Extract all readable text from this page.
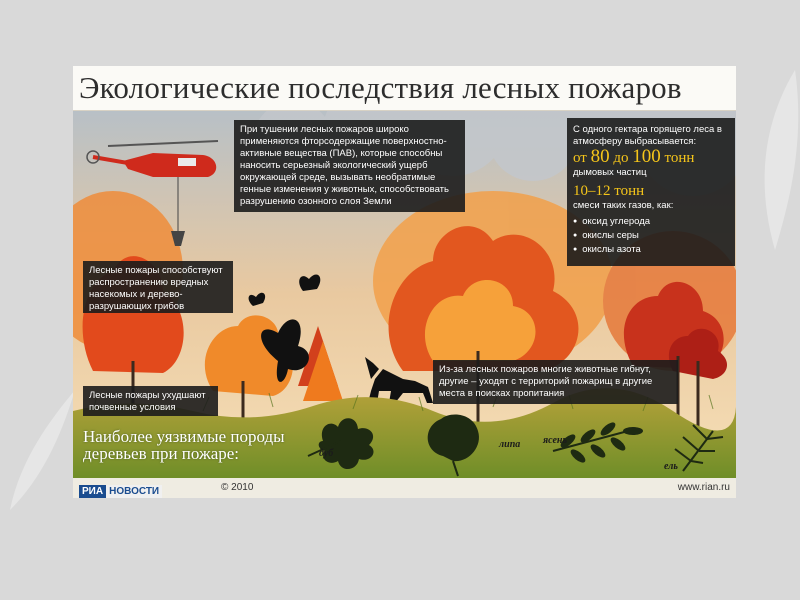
Экологические последствия лесных пожаров

При тушении лесных пожаров широко применяются фторсодержащие поверхностно-активные вещества (ПАВ), которые способны наносить серьезный экологический ущерб окружающей среде, вызывать необратимые генные изменения у животных, способствовать разрушению озонного слоя Земли

Лесные пожары способствуют распространению вредных насекомых и дерево-разрушающих грибов

Лесные пожары ухудшают почвенные условия

Из-за лесных пожаров многие животные гибнут, другие – уходят с территорий пожарищ в другие места в поисках пропитания

С одного гектара горящего леса в атмосферу выбрасывается:

от 80 до 100 тонн

дымовых частиц

10–12 тонн

смеси таких газов, как:

● оксид углерода
● окислы серы
● окислы азота
Наиболее уязвимые породы
деревьев при пожаре:	дуб
липа ясень
ель
РИА НОВОСТИ	© 2010	www.rian.ru
